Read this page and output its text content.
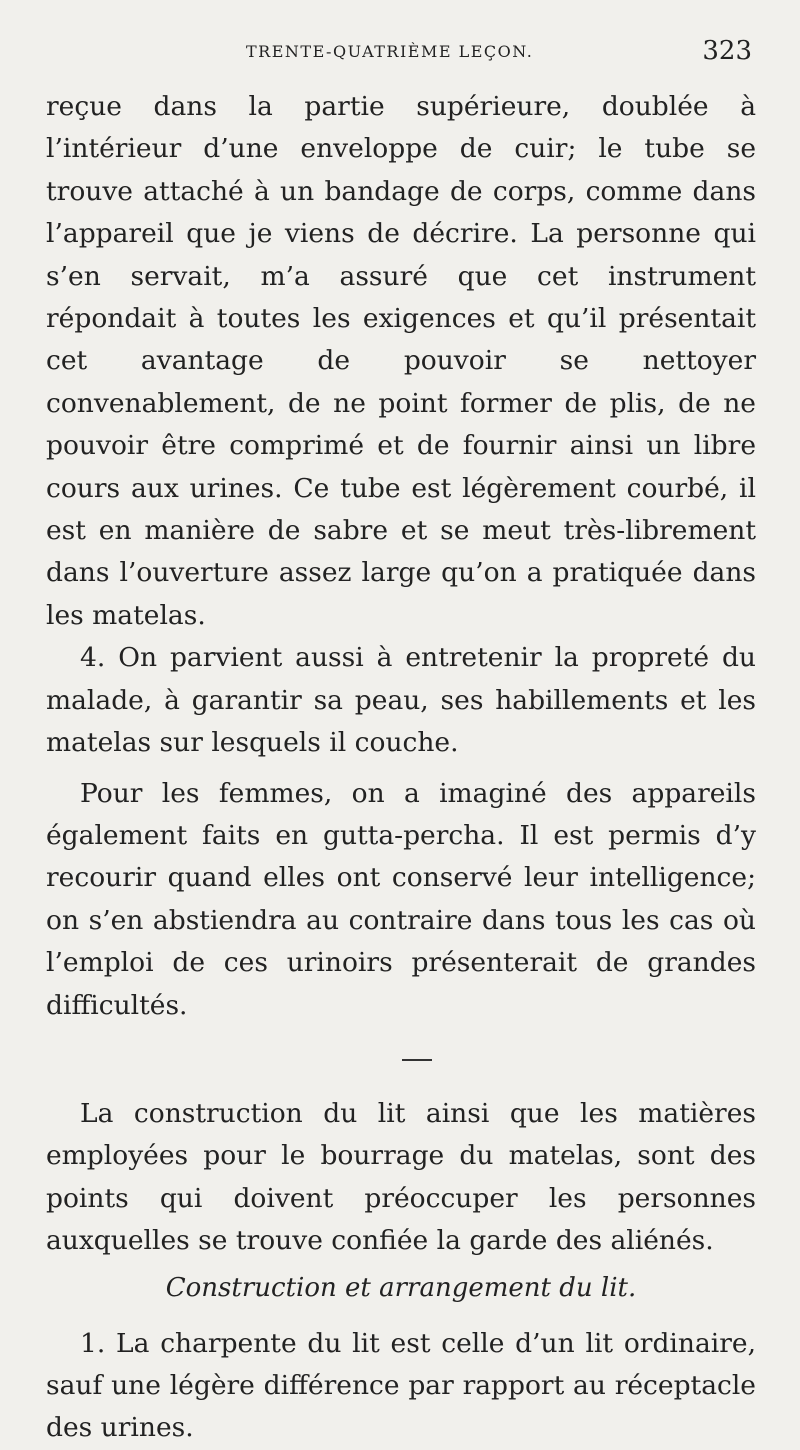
TRENTE-QUATRIÈME LEÇON.	323

reçue dans la partie supérieure, doublée à l’intérieur d’une enveloppe de cuir; le tube se trouve attaché à un bandage de corps, comme dans l’appareil que je viens de décrire. La personne qui s’en servait, m’a assuré que cet instrument répondait à toutes les exigences et qu’il présentait cet avantage de pouvoir se nettoyer convenablement, de ne point former de plis, de ne pouvoir être comprimé et de fournir ainsi un libre cours aux urines. Ce tube est légèrement courbé, il est en manière de sabre et se meut très-librement dans l’ouverture assez large qu’on a pratiquée dans les matelas.

4. On parvient aussi à entretenir la propreté du malade, à garantir sa peau, ses habillements et les matelas sur lesquels il couche.

Pour les femmes, on a imaginé des appareils également faits en gutta-percha. Il est permis d’y recourir quand elles ont conservé leur intelligence; on s’en abstiendra au contraire dans tous les cas où l’emploi de ces urinoirs présenterait de grandes difficultés.

La construction du lit ainsi que les matières employées pour le bourrage du matelas, sont des points qui doivent préoccuper les personnes auxquelles se trouve confiée la garde des aliénés.

Construction et arrangement du lit.

1. La charpente du lit est celle d’un lit ordinaire, sauf une légère différence par rapport au réceptacle des urines.
